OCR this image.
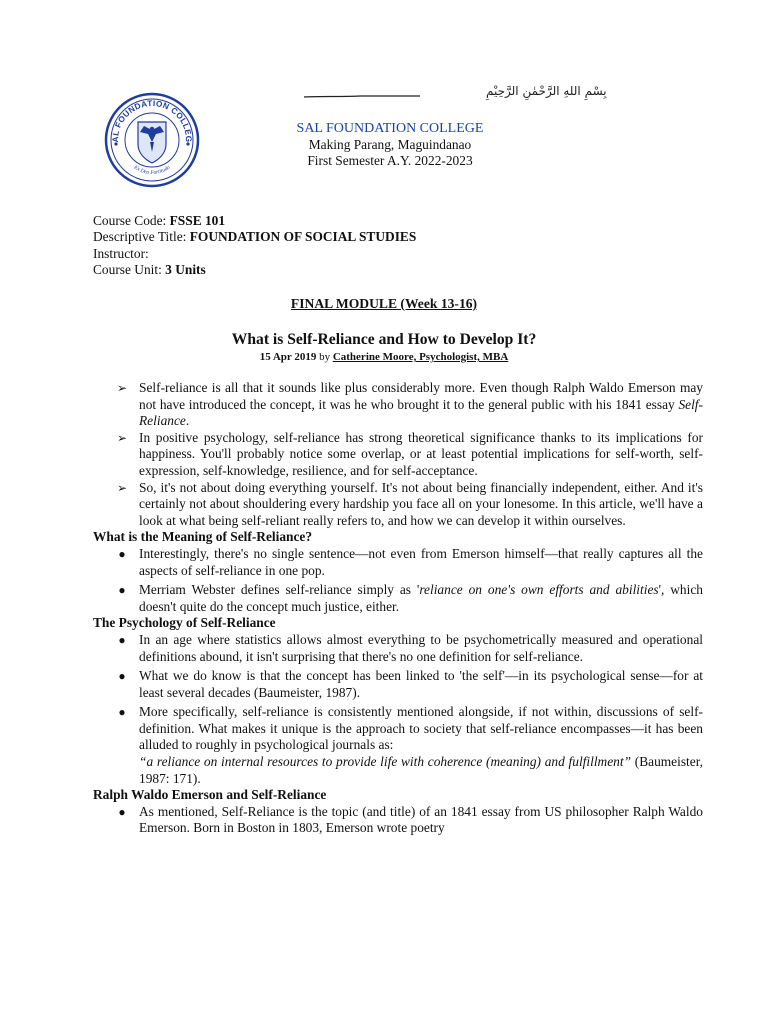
بِسْمِ اللهِ الرَّحْمٰنِ الرَّحِيْمِ
AL FOUNDATION COLLEG
Ex Deo Fortitudo
SAL FOUNDATION COLLEGE
Making Parang, Maguindanao
First Semester A.Y. 2022-2023
Course Code: FSSE 101
Descriptive Title: FOUNDATION OF SOCIAL STUDIES
Instructor:
Course Unit: 3 Units
FINAL MODULE (Week 13-16)
What is Self-Reliance and How to Develop It?
15 Apr 2019 by Catherine Moore, Psychologist, MBA

➢ Self-reliance is all that it sounds like plus considerably more. Even though Ralph Waldo Emerson may not have introduced the concept, it was he who brought it to the general public with his 1841 essay Self-Reliance.

➢ In positive psychology, self-reliance has strong theoretical significance thanks to its implications for happiness. You'll probably notice some overlap, or at least potential implications for self-worth, self-expression, self-knowledge, resilience, and for self-acceptance.

➢ So, it's not about doing everything yourself. It's not about being financially independent, either. And it's certainly not about shouldering every hardship you face all on your lonesome. In this article, we'll have a look at what being self-reliant really refers to, and how we can develop it within ourselves.

What is the Meaning of Self-Reliance?

● Interestingly, there's no single sentence—not even from Emerson himself—that really captures all the aspects of self-reliance in one pop.

● Merriam Webster defines self-reliance simply as 'reliance on one's own efforts and abilities', which doesn't quite do the concept much justice, either.

The Psychology of Self-Reliance

● In an age where statistics allows almost everything to be psychometrically measured and operational definitions abound, it isn't surprising that there's no one definition for self-reliance.

● What we do know is that the concept has been linked to 'the self'—in its psychological sense—for at least several decades (Baumeister, 1987).

● More specifically, self-reliance is consistently mentioned alongside, if not within, discussions of self-definition. What makes it unique is the approach to society that self-reliance encompasses—it has been alluded to roughly in psychological journals as:
“a reliance on internal resources to provide life with coherence (meaning) and fulfillment” (Baumeister, 1987: 171).

Ralph Waldo Emerson and Self-Reliance

● As mentioned, Self-Reliance is the topic (and title) of an 1841 essay from US philosopher Ralph Waldo Emerson. Born in Boston in 1803, Emerson wrote poetry
